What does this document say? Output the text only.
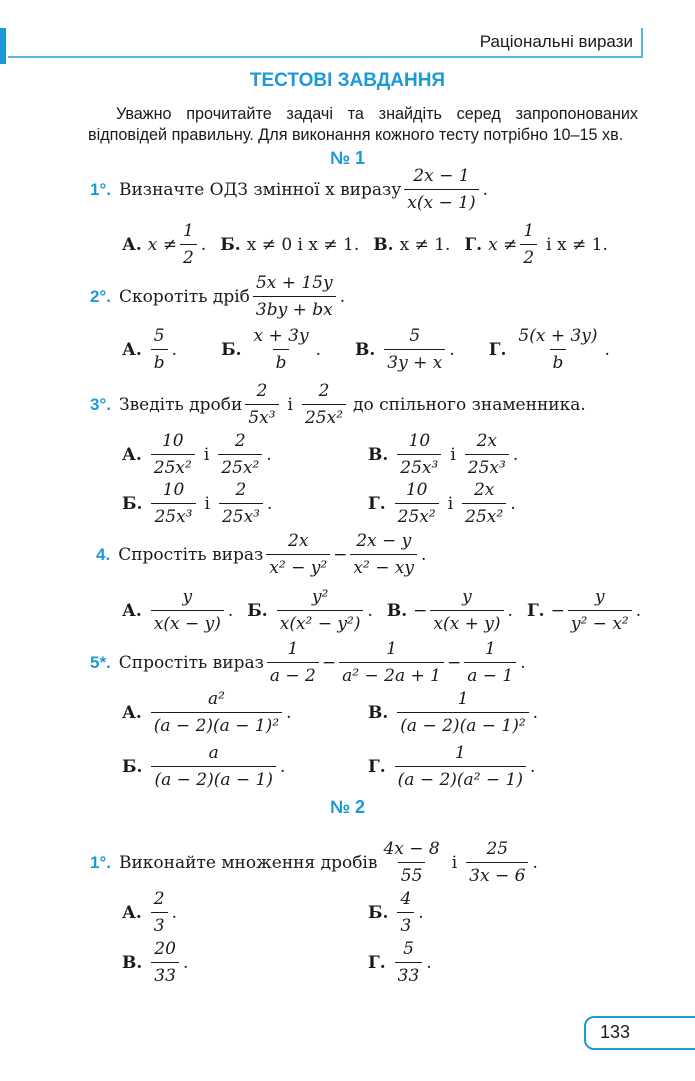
Раціональні вирази
ТЕСТОВІ ЗАВДАННЯ

Уважно прочитайте задачі та знайдіть серед запропонованих

відповідей правильну. Для виконання кожного тесту потрібно 10–15 хв.

№ 1
1°. Визначте ОДЗ змінної x виразу $\frac{2x - 1}{x(x - 1)}$ .
А. $x \ne \frac{1}{2}$ . Б. x ≠ 0 і x ≠ 1. В. x ≠ 1. Г. $x \ne \frac{1}{2}$ і x ≠ 1.
2°. Скоротіть дріб $\frac{5x + 15y}{3by + bx}$ .
А. $\frac{5}{b}$ .	Б. $\frac{x + 3y}{b}$ . В. $\frac{5}{3y + x}$ . Г. $\frac{5(x + 3y)}{b}$ .
3°. Зведіть дроби $\frac{2}{\text{5x³}}$ і $\frac{2}{\text{25x²}}$ до спільного знаменника.
А. $\frac{10}{\text{25x²}}$ і $\frac{2}{\text{25x²}}$ .	В. $\frac{10}{\text{25x³}}$ і $\frac{2x}{\text{25x³}}$ .
Б. $\frac{10}{\text{25x³}}$ і $\frac{2}{\text{25x³}}$ .	Г. $\frac{10}{\text{25x²}}$ і $\frac{2x}{\text{25x²}}$ .
4. Спростіть вираз $\frac{2x}{\text{x² − y²}} - \frac{2x - y}{\text{x² − xy}}$ .
А. $\frac{y}{x(x - y)}$ . Б. $\frac{\text{y²}}{\text{x(x² − y²)}}$ . В. − $\frac{y}{x(x + y)}$ . Г. − $\frac{y}{\text{y² − x²}}$ .
5*. Спростіть вираз $\frac{1}{a - 2} - \frac{1}{\text{a² − 2a + 1}} - \frac{1}{a - 1}$ .
А. $\frac{\text{a²}}{\text{(a − 2)(a − 1)²}}$ .	В. $\frac{1}{\text{(a − 2)(a − 1)²}}$ .
Б. $\frac{a}{(a - 2)(a - 1)}$ .	Г. $\frac{1}{\text{(a − 2)(a² − 1)}}$ .
№ 2
1°. Виконайте множення дробів $\frac{4x - 8}{55}$ і $\frac{25}{3x - 6}$ .
А. $\frac{2}{3}$ .	Б. $\frac{4}{3}$ .
В. $\frac{20}{33}$ .	Г. $\frac{5}{33}$ .
133
